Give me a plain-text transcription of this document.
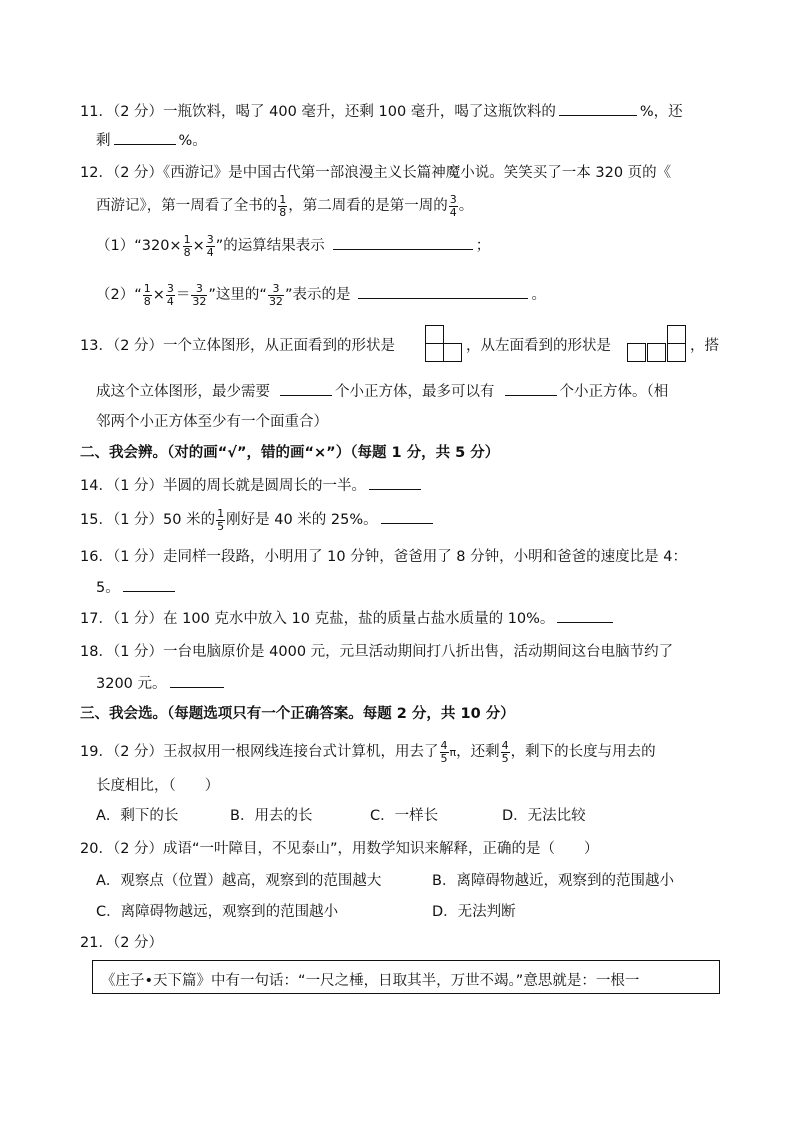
11．（2 分）一瓶饮料，喝了 400 毫升，还剩 100 毫升，喝了这瓶饮料的	%，还
剩	%。
12．（2 分）《西游记》是中国古代第一部浪漫主义长篇神魔小说。笑笑买了一本 320 页的《
西游记》，第一周看了全书的 $\frac{1}{8}$ ，第二周看的是第一周的 $\frac{3}{4}$ 。
（1）“320× $\frac{1}{8} \times \frac{3}{4}$ ”的运算结果表示	；
（2）“ $\frac{1}{8} \times \frac{3}{4} = \frac{3}{32}$ ”这里的“ $\frac{3}{32}$ ”表示的是	。
13．（2 分）一个立体图形，从正面看到的形状是	，从左面看到的形状是	，搭
成这个立体图形，最少需要	个小正方体，最多可以有	个小正方体。（相
邻两个小正方体至少有一个面重合）
二、我会辨。（对的画“√”，错的画“×”）（每题 1 分，共 5 分）
14．（1 分）半圆的周长就是圆周长的一半。
15．（1 分）50 米的 $\frac{1}{5}$ 刚好是 40 米的 25%。
16．（1 分）走同样一段路，小明用了 10 分钟，爸爸用了 8 分钟，小明和爸爸的速度比是 4：
5。
17．（1 分）在 100 克水中放入 10 克盐，盐的质量占盐水质量的 10%。
18．（1 分）一台电脑原价是 4000 元，元旦活动期间打八折出售，活动期间这台电脑节约了
3200 元。
三、我会选。（每题选项只有一个正确答案。每题 2 分，共 10 分）
19．（2 分）王叔叔用一根网线连接台式计算机，用去了 $\frac{4}{5}$ π，还剩 $\frac{4}{5}$ ，剩下的长度与用去的
长度相比，（　　）
A．剩下的长	B．用去的长	C．一样长	D．无法比较
20．（2 分）成语“一叶障目，不见泰山”，用数学知识来解释，正确的是（　　）
A．观察点（位置）越高，观察到的范围越大	B．离障碍物越近，观察到的范围越小
C．离障碍物越远，观察到的范围越小	D．无法判断
21．（2 分）
《庄子•天下篇》中有一句话：“一尺之棰，日取其半，万世不竭。”意思就是：一根一
